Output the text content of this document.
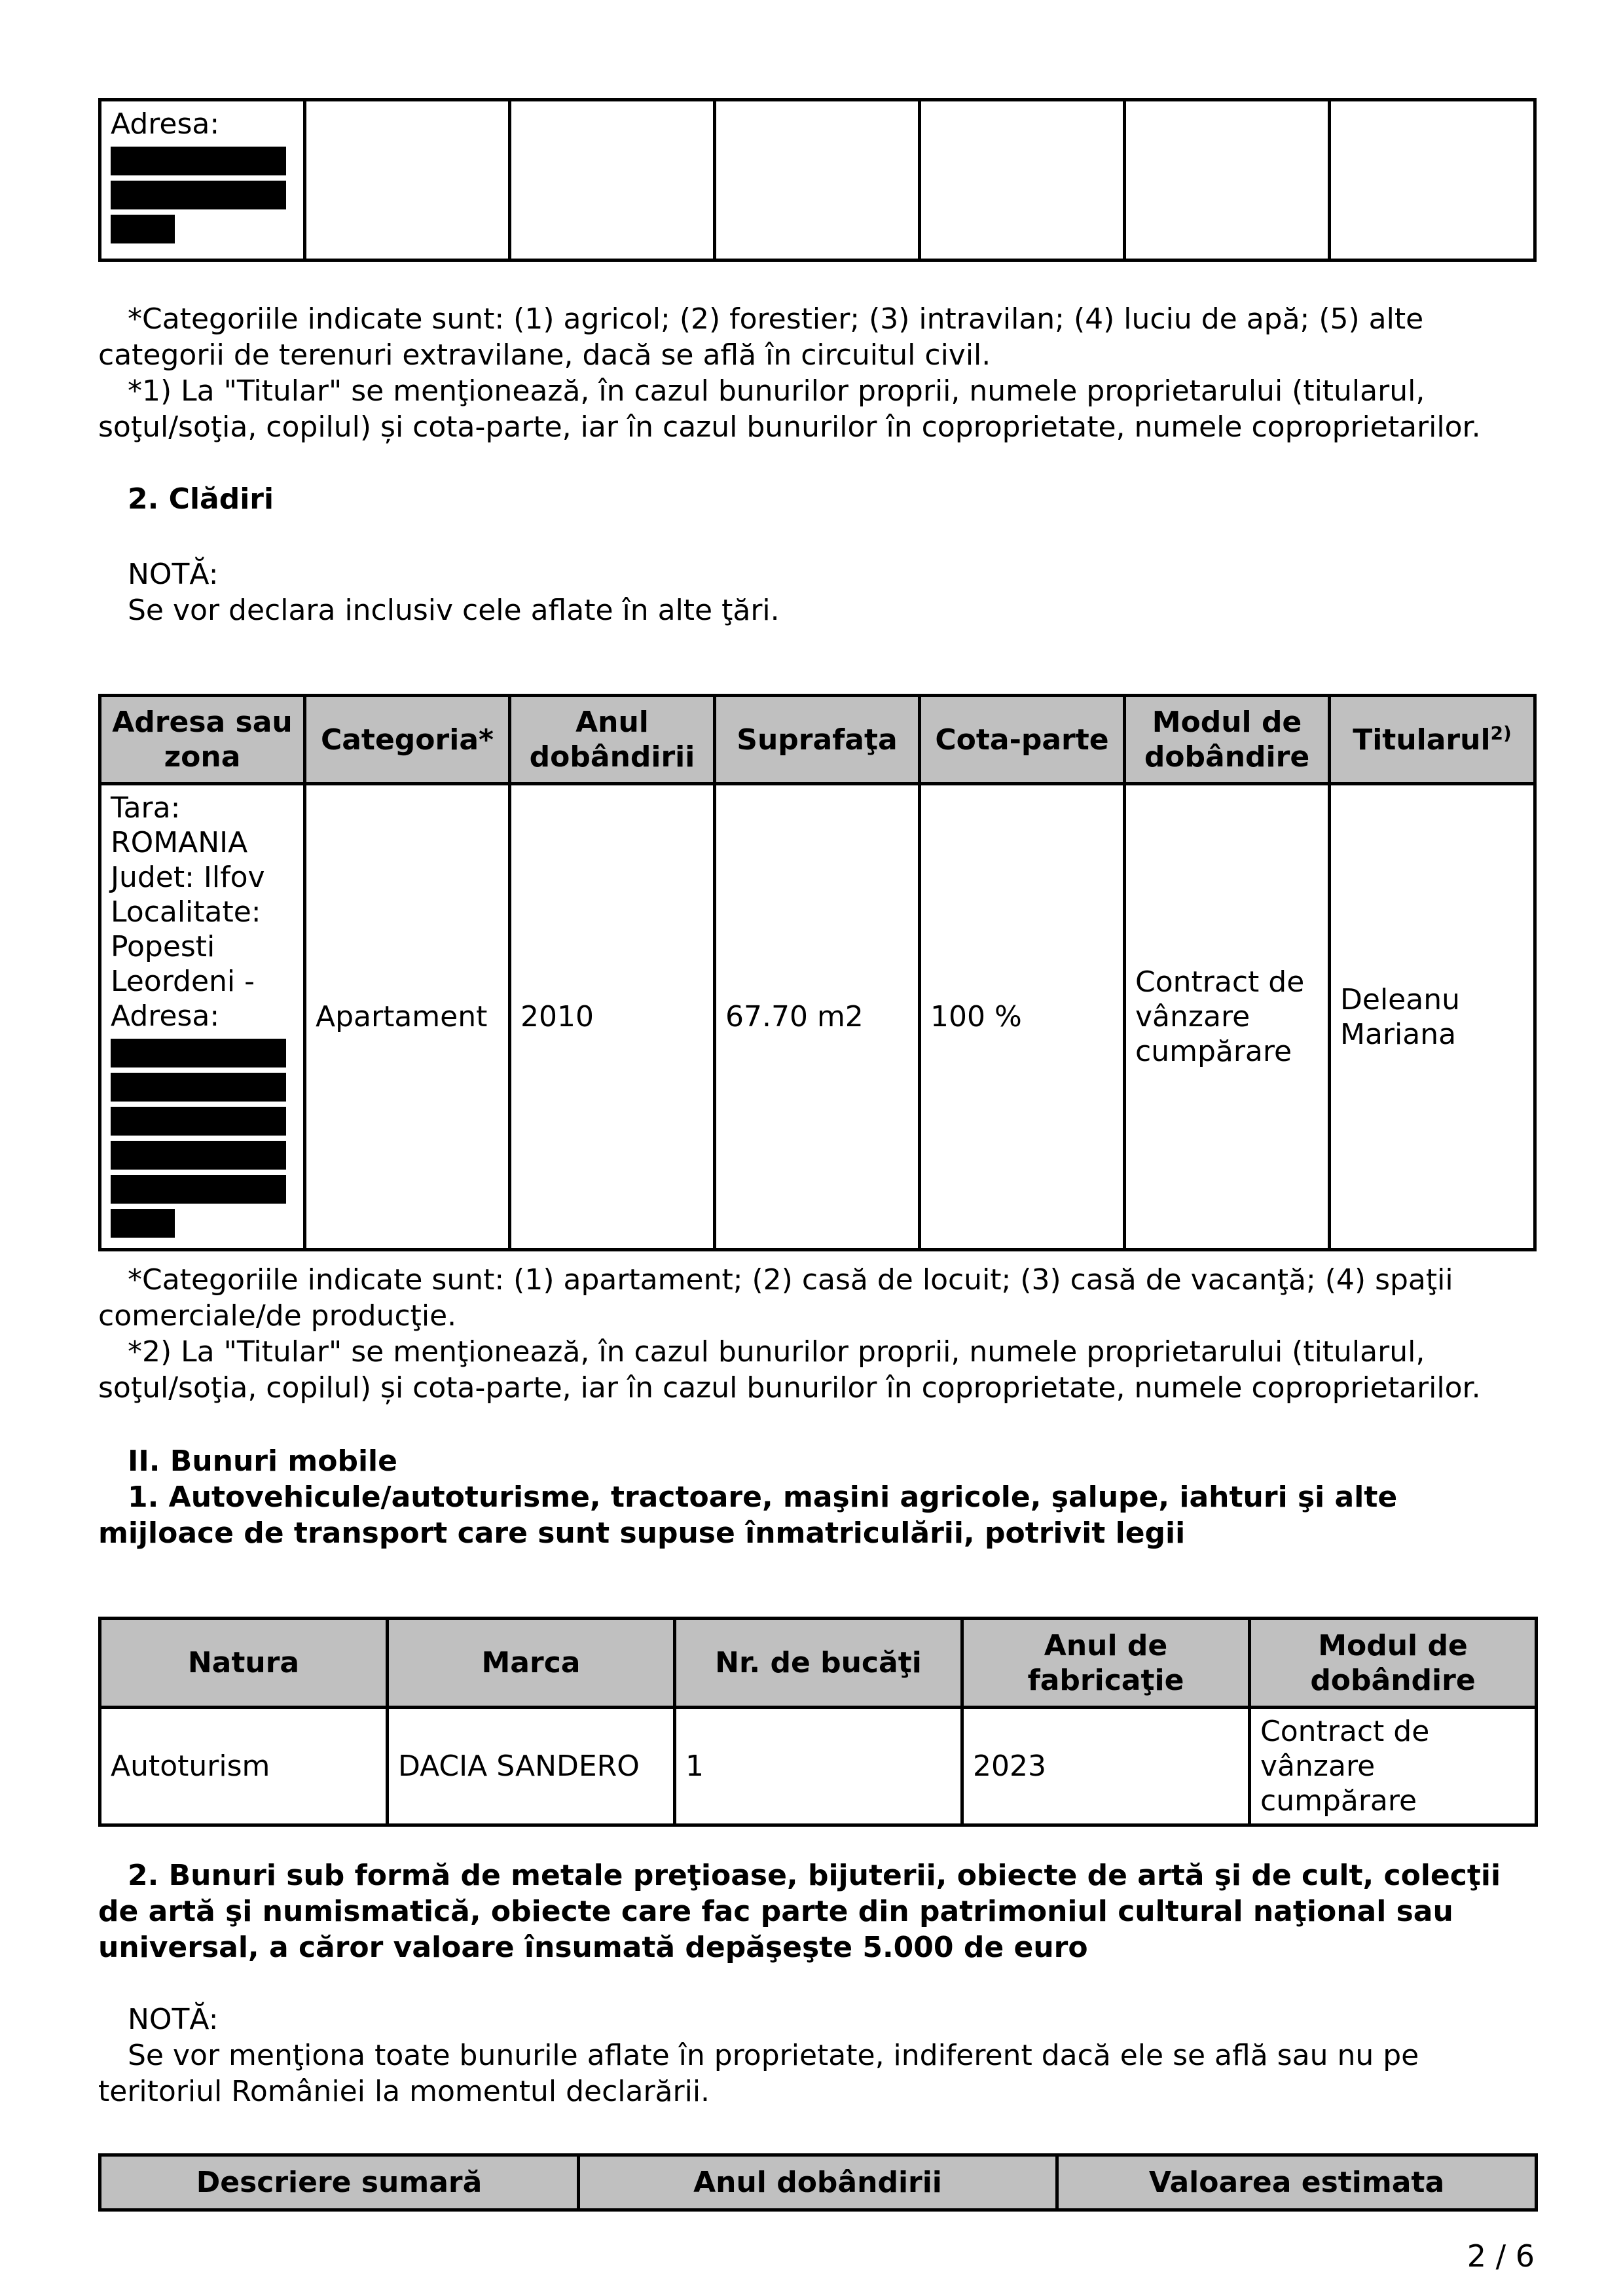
Adresa:

*Categoriile indicate sunt: (1) agricol; (2) forestier; (3) intravilan; (4) luciu de apă; (5) alte categorii de terenuri extravilane, dacă se află în circuitul civil.

*1) La "Titular" se menţionează, în cazul bunurilor proprii, numele proprietarului (titularul, soţul/soţia, copilul) și cota-parte, iar în cazul bunurilor în coproprietate, numele coproprietarilor.

2. Clădiri

NOTĂ:

Se vor declara inclusiv cele aflate în alte ţări.

Adresa sau zona	Categoria*	Anul dobândirii	Suprafaţa	Cota-parte	Modul de dobândire	Titularul$^{2)}$
Tara: ROMANIA Judet: Ilfov Localitate: Popesti Leordeni - Adresa:	Apartament	2010	67.70 m2	100 %	Contract de vânzare cumpărare	Deleanu Mariana

*Categoriile indicate sunt: (1) apartament; (2) casă de locuit; (3) casă de vacanţă; (4) spaţii comerciale/de producţie.

*2) La "Titular" se menţionează, în cazul bunurilor proprii, numele proprietarului (titularul, soţul/soţia, copilul) și cota-parte, iar în cazul bunurilor în coproprietate, numele coproprietarilor.

II. Bunuri mobile

1. Autovehicule/autoturisme, tractoare, maşini agricole, şalupe, iahturi şi alte mijloace de transport care sunt supuse înmatriculării, potrivit legii

Natura	Marca	Nr. de bucăţi	Anul de fabricaţie	Modul de dobândire
Autoturism	DACIA SANDERO	1	2023	Contract de vânzare cumpărare

2. Bunuri sub formă de metale preţioase, bijuterii, obiecte de artă şi de cult, colecţii de artă şi numismatică, obiecte care fac parte din patrimoniul cultural naţional sau universal, a căror valoare însumată depăşeşte 5.000 de euro

NOTĂ:

Se vor menţiona toate bunurile aflate în proprietate, indiferent dacă ele se află sau nu pe teritoriul României la momentul declarării.

Descriere sumară	Anul dobândirii	Valoarea estimata
2 / 6
